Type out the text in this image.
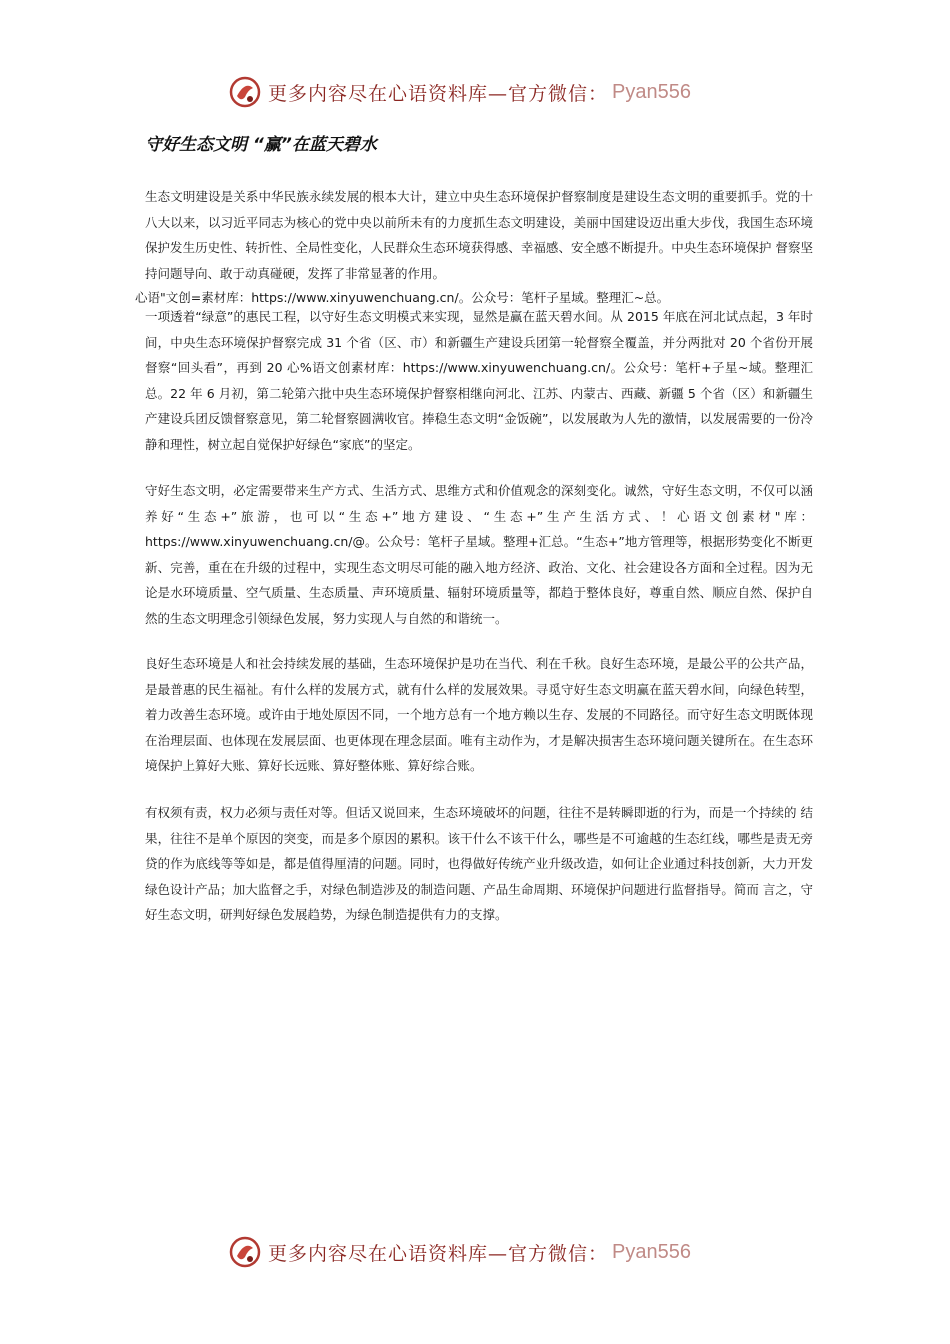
更多内容尽在心语资料库—官方微信： Pyan556
守好生态文明 “赢”在蓝天碧水

生态文明建设是关系中华民族永续发展的根本大计，建立中央生态环境保护督察制度是建设生态文明的重要抓手。党的十八大以来，以习近平同志为核心的党中央以前所未有的力度抓生态文明建设，美丽中国建设迈出重大步伐，我国生态环境保护发生历史性、转折性、全局性变化，人民群众生态环境获得感、幸福感、安全感不断提升。中央生态环境保护 督察坚持问题导向、敢于动真碰硬，发挥了非常显著的作用。

心语"文创=素材库：https://www.xinyuwenchuang.cn/。公众号：笔杆子星域。整理汇~总。

一项透着“绿意”的惠民工程，以守好生态文明模式来实现，显然是赢在蓝天碧水间。从 2015 年底在河北试点起，3 年时间，中央生态环境保护督察完成 31 个省（区、市）和新疆生产建设兵团第一轮督察全覆盖，并分两批对 20 个省份开展督察“回头看”，再到 20 心%语文创素材库：https://www.xinyuwenchuang.cn/。公众号：笔杆+子星~域。整理汇总。22 年 6 月初，第二轮第六批中央生态环境保护督察相继向河北、江苏、内蒙古、西藏、新疆 5 个省（区）和新疆生产建设兵团反馈督察意见，第二轮督察圆满收官。捧稳生态文明“金饭碗”，以发展敢为人先的激情，以发展需要的一份冷静和理性，树立起自觉保护好绿色“家底”的坚定。

守好生态文明，必定需要带来生产方式、生活方式、思维方式和价值观念的深刻变化。诚然，守好生态文明，不仅可以涵养好“生态+”旅游，也可以“生态+”地方建设、“生态+”生产生活方式、！心语文创素材"库：https://www.xinyuwenchuang.cn/@。公众号：笔杆子星域。整理+汇总。“生态+”地方管理等，根据形势变化不断更新、完善，重在在升级的过程中，实现生态文明尽可能的融入地方经济、政治、文化、社会建设各方面和全过程。因为无论是水环境质量、空气质量、生态质量、声环境质量、辐射环境质量等，都趋于整体良好，尊重自然、顺应自然、保护自然的生态文明理念引领绿色发展，努力实现人与自然的和谐统一。

良好生态环境是人和社会持续发展的基础，生态环境保护是功在当代、利在千秋。良好生态环境，是最公平的公共产品， 是最普惠的民生福祉。有什么样的发展方式，就有什么样的发展效果。寻觅守好生态文明赢在蓝天碧水间，向绿色转型， 着力改善生态环境。或许由于地处原因不同，一个地方总有一个地方赖以生存、发展的不同路径。而守好生态文明既体现在治理层面、也体现在发展层面、也更体现在理念层面。唯有主动作为，才是解决损害生态环境问题关键所在。在生态环境保护上算好大账、算好长远账、算好整体账、算好综合账。

有权须有责，权力必须与责任对等。但话又说回来，生态环境破坏的问题，往往不是转瞬即逝的行为，而是一个持续的 结果，往往不是单个原因的突变，而是多个原因的累积。该干什么不该干什么，哪些是不可逾越的生态红线，哪些是责无旁贷的作为底线等等如是，都是值得厘清的问题。同时，也得做好传统产业升级改造，如何让企业通过科技创新，大力开发绿色设计产品；加大监督之手，对绿色制造涉及的制造问题、产品生命周期、环境保护问题进行监督指导。简而 言之，守好生态文明，研判好绿色发展趋势，为绿色制造提供有力的支撑。

更多内容尽在心语资料库—官方微信： Pyan556
